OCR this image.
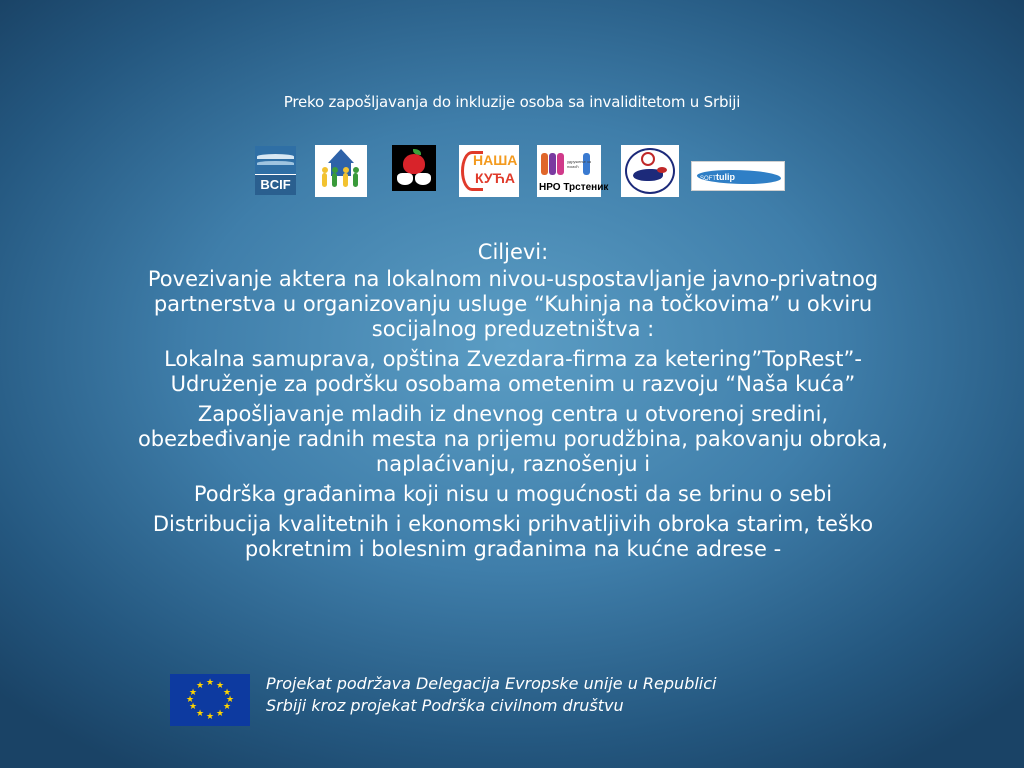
Preko zapošljavanja do inkluzije osoba sa invaliditetom u Srbiji
BCIF
НАША
КУЋА
удружење за помоћ
НРО Трстеник
SOFTtulip
Ciljevi:
Povezivanje aktera na lokalnom nivou-uspostavljanje javno-privatnog partnerstva u organizovanju usluge “Kuhinja na točkovima” u okviru socijalnog preduzetništva :
Lokalna samuprava, opština Zvezdara-firma za ketering”TopRest”-Udruženje za podršku osobama ometenim u razvoju “Naša kuća”
Zapošljavanje mladih iz dnevnog centra u otvorenoj sredini, obezbeđivanje radnih mesta na prijemu porudžbina, pakovanju obroka, naplaćivanju, raznošenju i
Podrška građanima koji nisu u mogućnosti da se brinu o sebi
Distribucija kvalitetnih i ekonomski prihvatljivih obroka starim, teško pokretnim i bolesnim građanima na kućne adrese -
★ ★
★
★
★
★
★
★
★
★
★
★	Projekat podržava Delegacija Evropske unije u Republici
Srbiji kroz projekat Podrška civilnom društvu
